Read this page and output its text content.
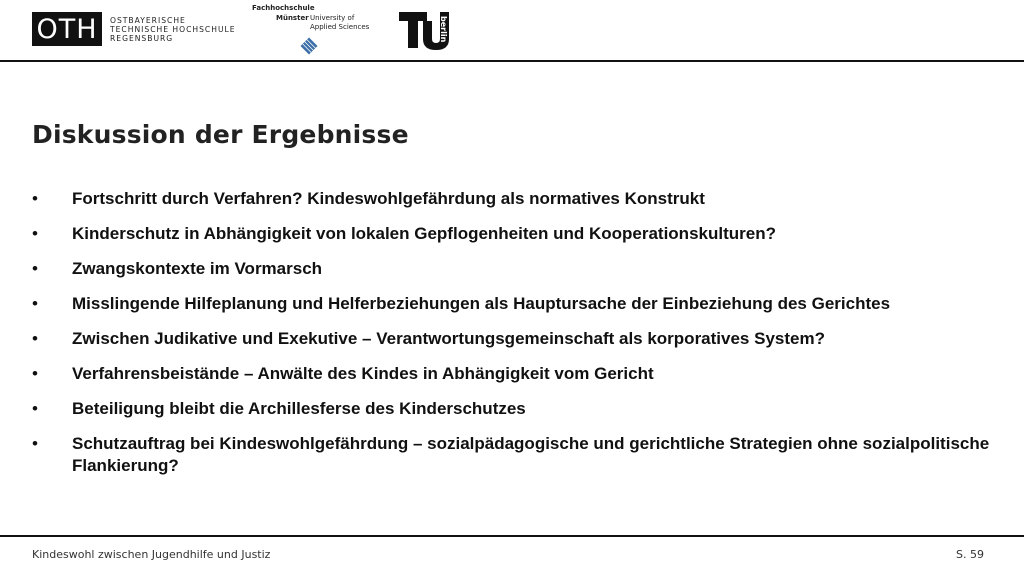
OTH	OSTBAYERISCHE
TECHNISCHE HOCHSCHULE
REGENSBURG
Fachhochschule
Münster University of
Applied Sciences	berlin
Diskussion der Ergebnisse
• Fortschritt durch Verfahren? Kindeswohlgefährdung als normatives Konstrukt
• Kinderschutz in Abhängigkeit von lokalen Gepflogenheiten und Kooperationskulturen?
• Zwangskontexte im Vormarsch
• Misslingende Hilfeplanung und Helferbeziehungen als Hauptursache der Einbeziehung des Gerichtes
• Zwischen Judikative und Exekutive – Verantwortungsgemeinschaft als korporatives System?
• Verfahrensbeistände – Anwälte des Kindes in Abhängigkeit vom Gericht
• Beteiligung bleibt die Archillesferse des Kinderschutzes
• Schutzauftrag bei Kindeswohlgefährdung – sozialpädagogische und gerichtliche Strategien ohne sozialpolitische Flankierung?
Kindeswohl zwischen Jugendhilfe und Justiz	S. 59
